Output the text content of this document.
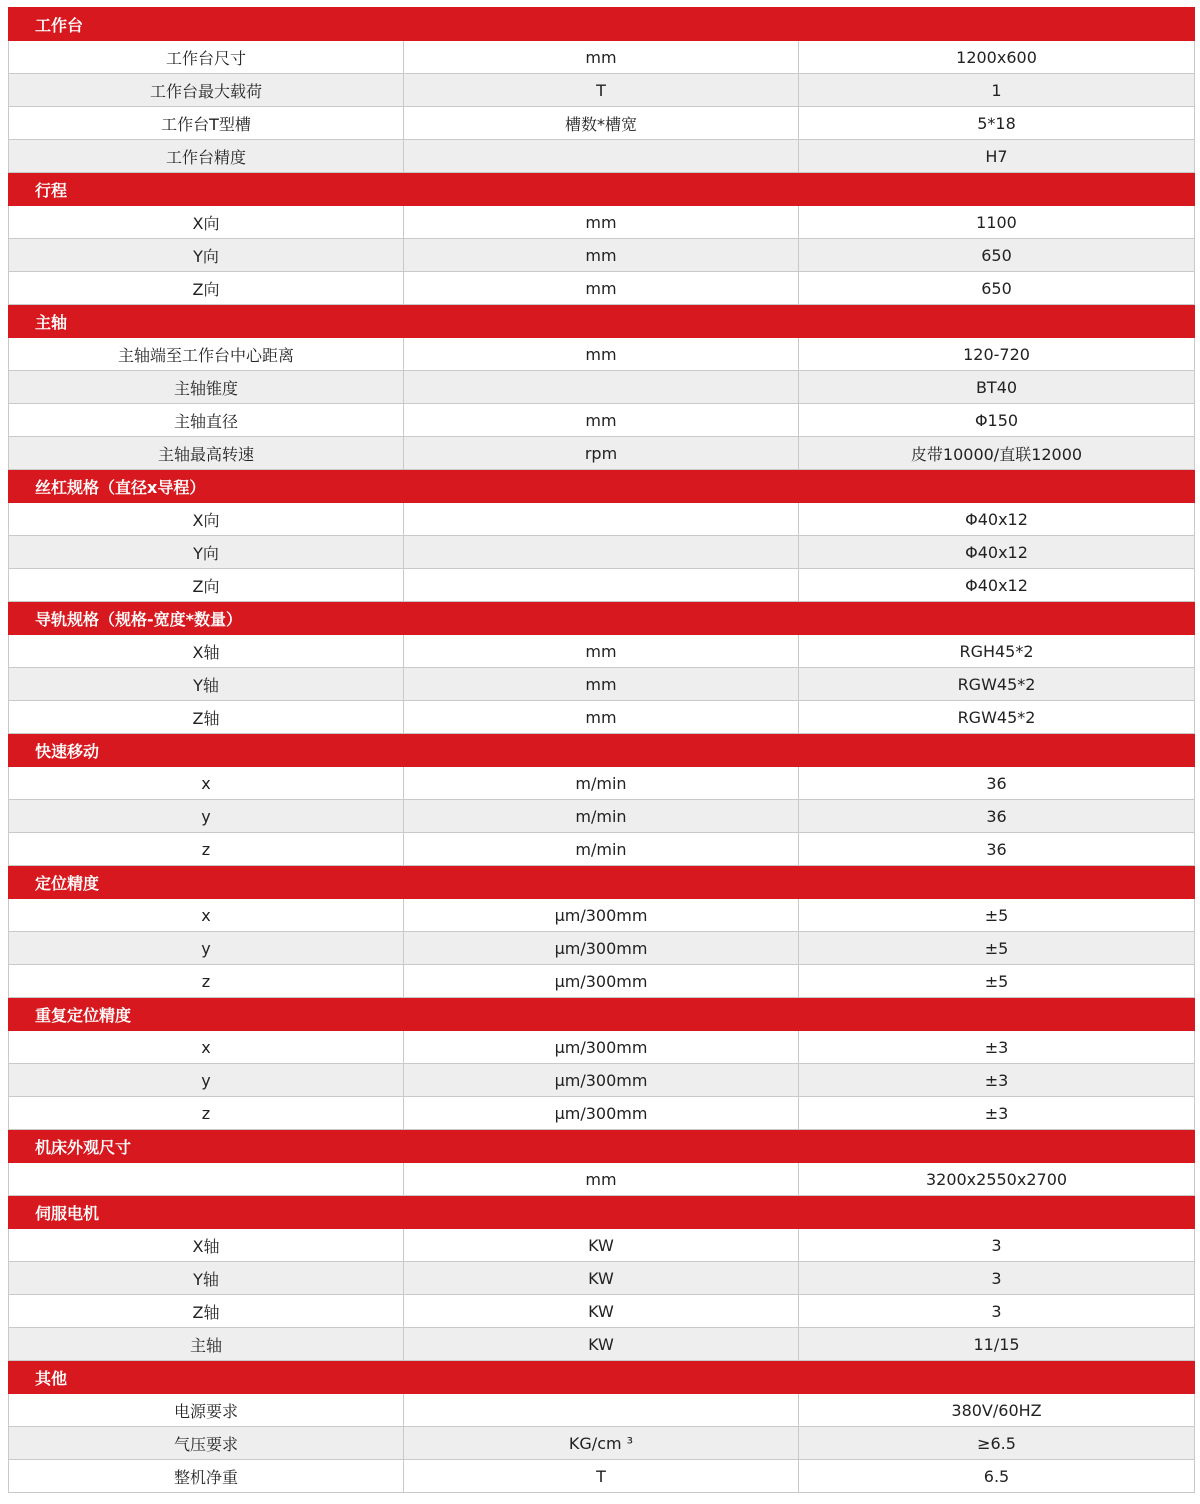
工作台		
工作台尺寸	mm	1200x600
工作台最大载荷	T	1
工作台T型槽	槽数*槽宽	5*18
工作台精度		H7
行程		
X向	mm	1100
Y向	mm	650
Z向	mm	650
主轴		
主轴端至工作台中心距离	mm	120-720
主轴锥度		BT40
主轴直径	mm	Φ150
主轴最高转速	rpm	皮带10000/直联12000
丝杠规格（直径x导程）		
X向		Φ40x12
Y向		Φ40x12
Z向		Φ40x12
导轨规格（规格-宽度*数量）		
X轴	mm	RGH45*2
Y轴	mm	RGW45*2
Z轴	mm	RGW45*2
快速移动		
x	m/min	36
y	m/min	36
z	m/min	36
定位精度		
x	μm/300mm	±5
y	μm/300mm	±5
z	μm/300mm	±5
重复定位精度		
x	μm/300mm	±3
y	μm/300mm	±3
z	μm/300mm	±3
机床外观尺寸		
	mm	3200x2550x2700
伺服电机		
X轴	KW	3
Y轴	KW	3
Z轴	KW	3
主轴	KW	11/15
其他		
电源要求		380V/60HZ
气压要求	KG/cm ³	≥6.5
整机净重	T	6.5
